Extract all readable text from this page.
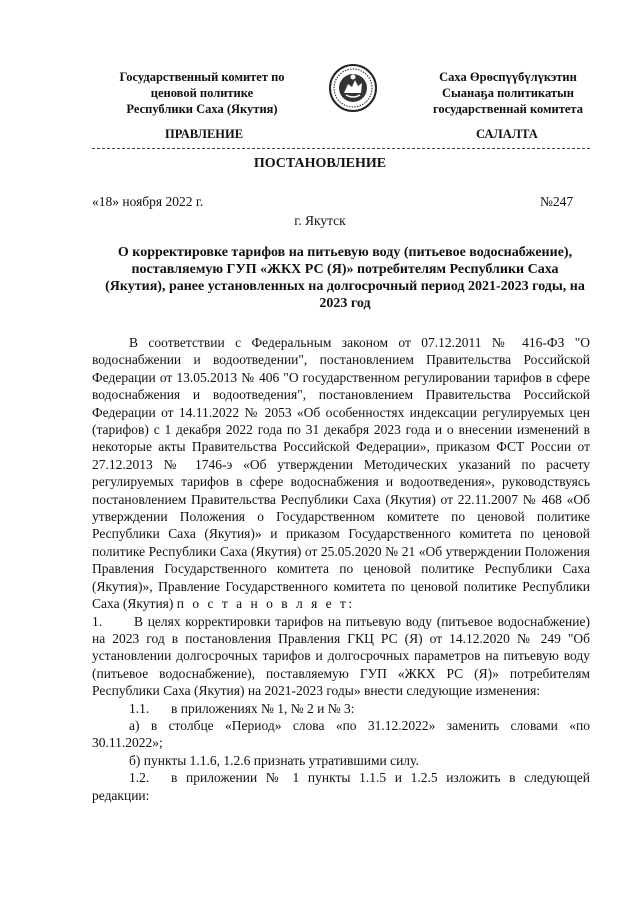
Государственный комитет по
ценовой политике
Республики Саха (Якутия)
Саха Өрөспүүбүлүкэтин
Сыанаҕа политикатын
государственнай комитета
ПРАВЛЕНИЕ	САЛАЛТА
ПОСТАНОВЛЕНИЕ
«18» ноября 2022 г.	№247
г. Якутск
О корректировке тарифов на питьевую воду (питьевое водоснабжение), поставляемую ГУП «ЖКХ РС (Я)» потребителям Республики Саха (Якутия), ранее установленных на долгосрочный период 2021-2023 годы, на 2023 год

В соответствии с Федеральным законом от 07.12.2011 № 416-ФЗ "О водоснабжении и водоотведении", постановлением Правительства Российской Федерации от 13.05.2013 № 406 "О государственном регулировании тарифов в сфере водоснабжения и водоотведения", постановлением Правительства Российской Федерации от 14.11.2022 № 2053 «Об особенностях индексации регулируемых цен (тарифов) с 1 декабря 2022 года по 31 декабря 2023 года и о внесении изменений в некоторые акты Правительства Российской Федерации», приказом ФСТ России от 27.12.2013 № 1746-э «Об утверждении Методических указаний по расчету регулируемых тарифов в сфере водоснабжения и водоотведения», руководствуясь постановлением Правительства Республики Саха (Якутия) от 22.11.2007 № 468 «Об утверждении Положения о Государственном комитете по ценовой политике Республики Саха (Якутия)» и приказом Государственного комитета по ценовой политике Республики Саха (Якутия) от 25.05.2020 № 21 «Об утверждении Положения Правления Государственного комитета по ценовой политике Республики Саха (Якутия)», Правление Государственного комитета по ценовой политике Республики Саха (Якутия) п о с т а н о в л я е т:

1. В целях корректировки тарифов на питьевую воду (питьевое водоснабжение) на 2023 год в постановления Правления ГКЦ РС (Я) от 14.12.2020 № 249 "Об установлении долгосрочных тарифов и долгосрочных параметров на питьевую воду (питьевое водоснабжение), поставляемую ГУП «ЖКХ РС (Я)» потребителям Республики Саха (Якутия) на 2021-2023 годы» внести следующие изменения:

1.1. в приложениях № 1, № 2 и № 3:

а) в столбце «Период» слова «по 31.12.2022» заменить словами «по 30.11.2022»;

б) пункты 1.1.6, 1.2.6 признать утратившими силу.

1.2. в приложении № 1 пункты 1.1.5 и 1.2.5 изложить в следующей редакции:
